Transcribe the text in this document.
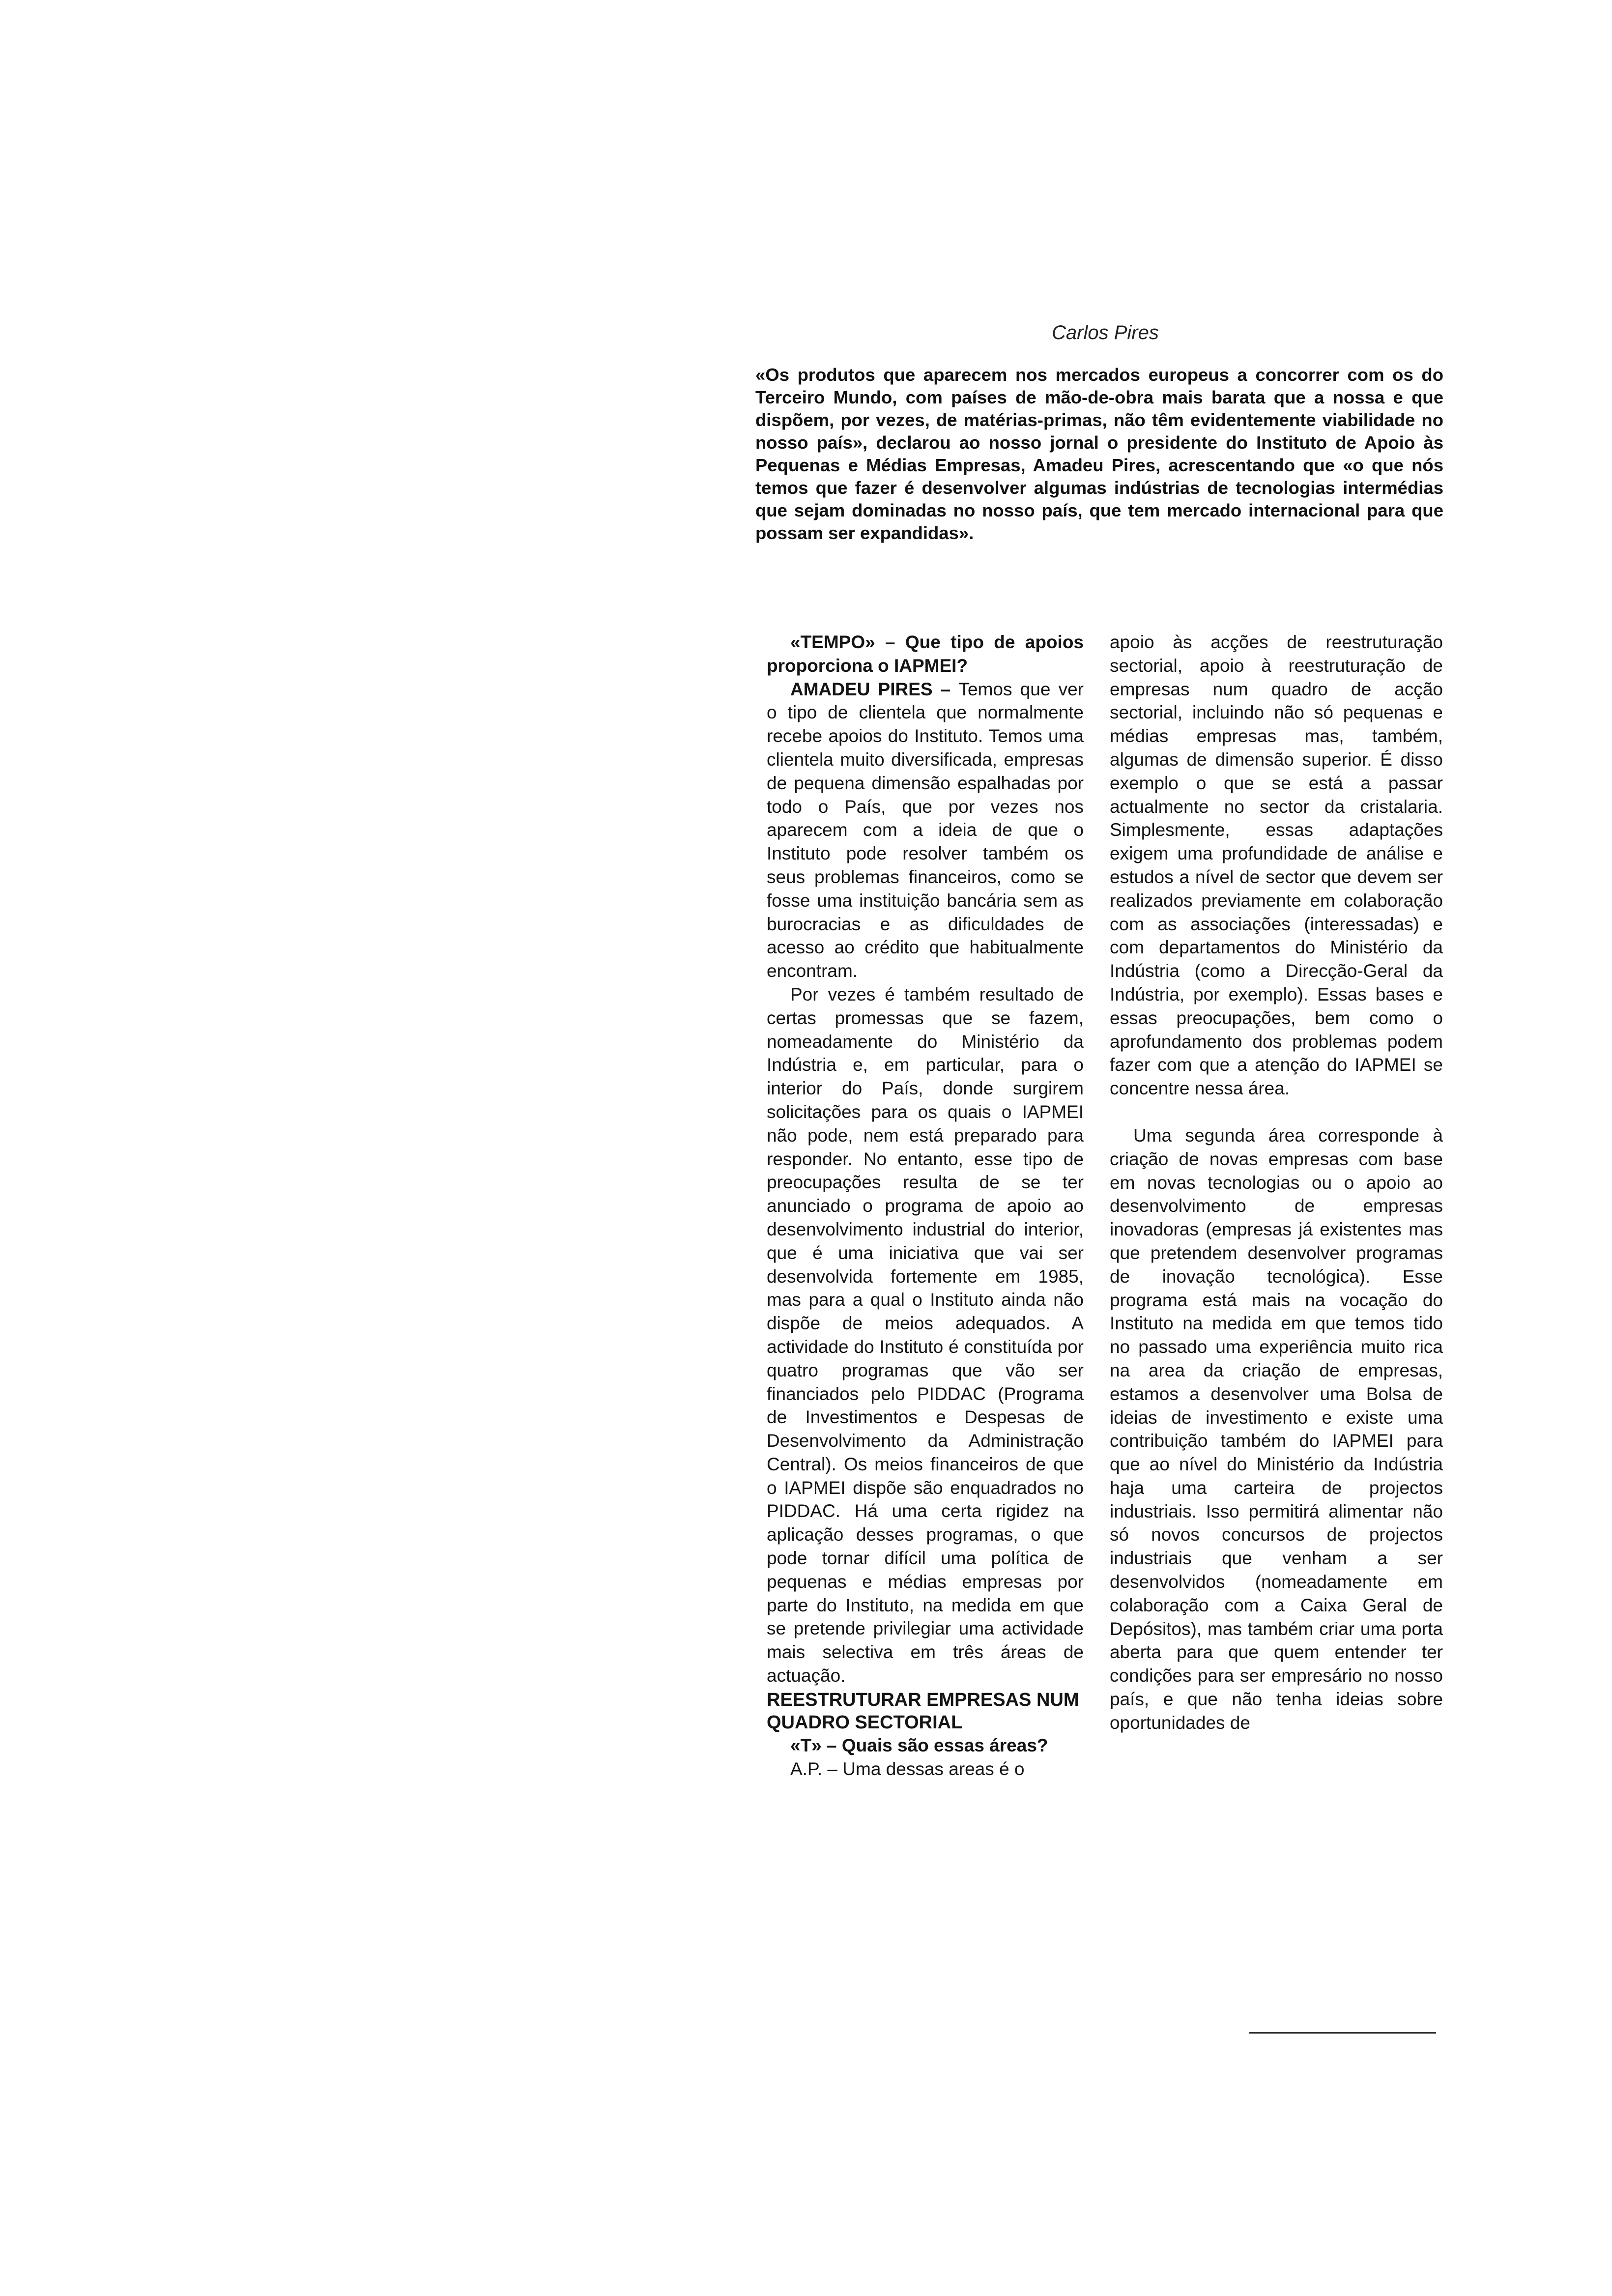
Carlos Pires

«Os produtos que aparecem nos mercados europeus a concorrer com os do Terceiro Mundo, com países de mão-de-obra mais barata que a nossa e que dispõem, por vezes, de matérias-primas, não têm evidentemente viabilidade no nosso país», declarou ao nosso jornal o presidente do Instituto de Apoio às Pequenas e Médias Empresas, Amadeu Pires, acrescentando que «o que nós temos que fazer é desenvolver algumas indústrias de tecnologias intermédias que sejam dominadas no nosso país, que tem mercado internacional para que possam ser expandidas».

«TEMPO» – Que tipo de apoios proporciona o IAPMEI?

AMADEU PIRES – Temos que ver o tipo de clientela que normalmente recebe apoios do Instituto. Temos uma clientela muito diversificada, empresas de pequena dimensão espalhadas por todo o País, que por vezes nos aparecem com a ideia de que o Instituto pode resolver também os seus problemas financeiros, como se fosse uma instituição bancária sem as burocracias e as dificuldades de acesso ao crédito que habitualmente encontram.

Por vezes é também resultado de certas promessas que se fazem, nomeadamente do Ministério da Indústria e, em particular, para o interior do País, donde surgirem solicitações para os quais o IAPMEI não pode, nem está preparado para responder. No entanto, esse tipo de preocupações resulta de se ter anunciado o programa de apoio ao desenvolvimento industrial do interior, que é uma iniciativa que vai ser desenvolvida fortemente em 1985, mas para a qual o Instituto ainda não dispõe de meios adequados. A actividade do Instituto é constituída por quatro programas que vão ser financiados pelo PIDDAC (Programa de Investimentos e Despesas de Desenvolvimento da Administração Central). Os meios financeiros de que o IAPMEI dispõe são enquadrados no PIDDAC. Há uma certa rigidez na aplicação desses programas, o que pode tornar difícil uma política de pequenas e médias empresas por parte do Instituto, na medida em que se pretende privilegiar uma actividade mais selectiva em três áreas de actuação.

REESTRUTURAR EMPRESAS NUM QUADRO SECTORIAL

«T» – Quais são essas áreas?

A.P. – Uma dessas areas é o

apoio às acções de reestruturação sectorial, apoio à reestruturação de empresas num quadro de acção sectorial, incluindo não só pequenas e médias empresas mas, também, algumas de dimensão superior. É disso exemplo o que se está a passar actualmente no sector da cristalaria. Simplesmente, essas adaptações exigem uma profundidade de análise e estudos a nível de sector que devem ser realizados previamente em colaboração com as associações (interessadas) e com departamentos do Ministério da Indústria (como a Direcção-Geral da Indústria, por exemplo). Essas bases e essas preocupações, bem como o aprofundamento dos problemas podem fazer com que a atenção do IAPMEI se concentre nessa área.

Uma segunda área corresponde à criação de novas empresas com base em novas tecnologias ou o apoio ao desenvolvimento de empresas inovadoras (empresas já existentes mas que pretendem desenvolver programas de inovação tecnológica). Esse programa está mais na vocação do Instituto na medida em que temos tido no passado uma experiência muito rica na area da criação de empresas, estamos a desenvolver uma Bolsa de ideias de investimento e existe uma contribuição também do IAPMEI para que ao nível do Ministério da Indústria haja uma carteira de projectos industriais. Isso permitirá alimentar não só novos concursos de projectos industriais que venham a ser desenvolvidos (nomeadamente em colaboração com a Caixa Geral de Depósitos), mas também criar uma porta aberta para que quem entender ter condições para ser empresário no nosso país, e que não tenha ideias sobre oportunidades de
